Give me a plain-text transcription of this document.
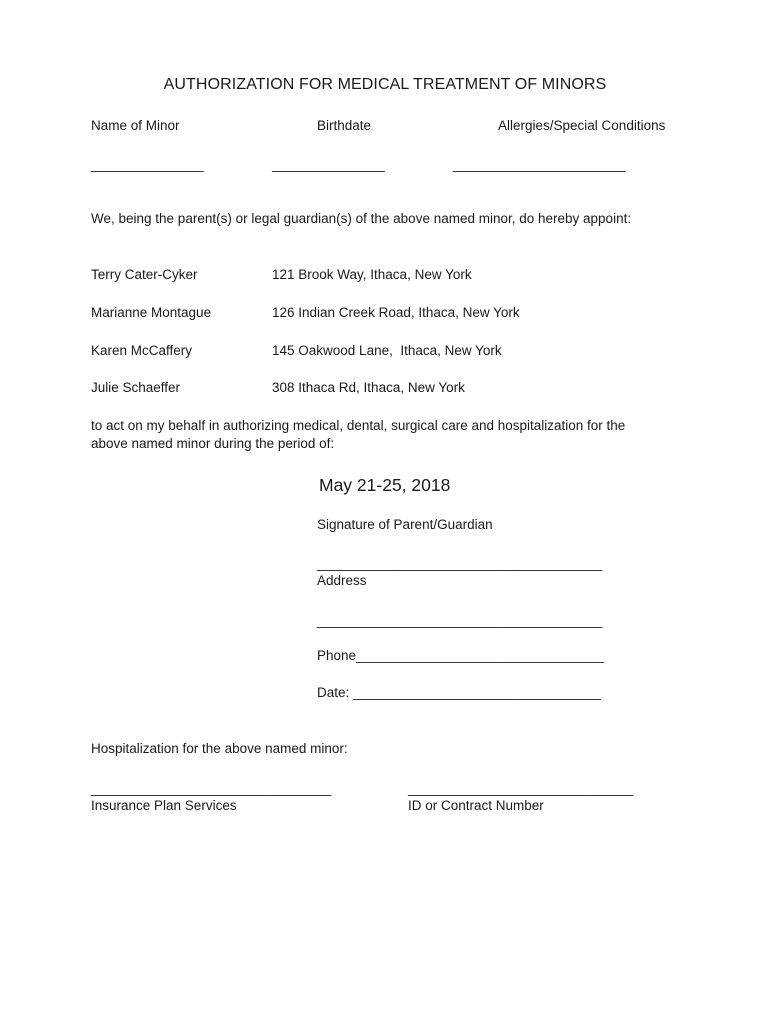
AUTHORIZATION FOR MEDICAL TREATMENT OF MINORS
Name of Minor	Birthdate	Allergies/Special Conditions
_______________	_______________	_______________________
We, being the parent(s) or legal guardian(s) of the above named minor, do hereby appoint:
Terry Cater-Cyker	121 Brook Way, Ithaca, New York
Marianne Montague	126 Indian Creek Road, Ithaca, New York
Karen McCaffery	145 Oakwood Lane,  Ithaca, New York
Julie Schaeffer	308 Ithaca Rd, Ithaca, New York
to act on my behalf in authorizing medical, dental, surgical care and hospitalization for the
above named minor during the period of:
May 21-25, 2018
Signature of Parent/Guardian
______________________________________
Address
______________________________________
Phone_________________________________
Date: _________________________________
Hospitalization for the above named minor:
________________________________
Insurance Plan Services
______________________________
ID or Contract Number
